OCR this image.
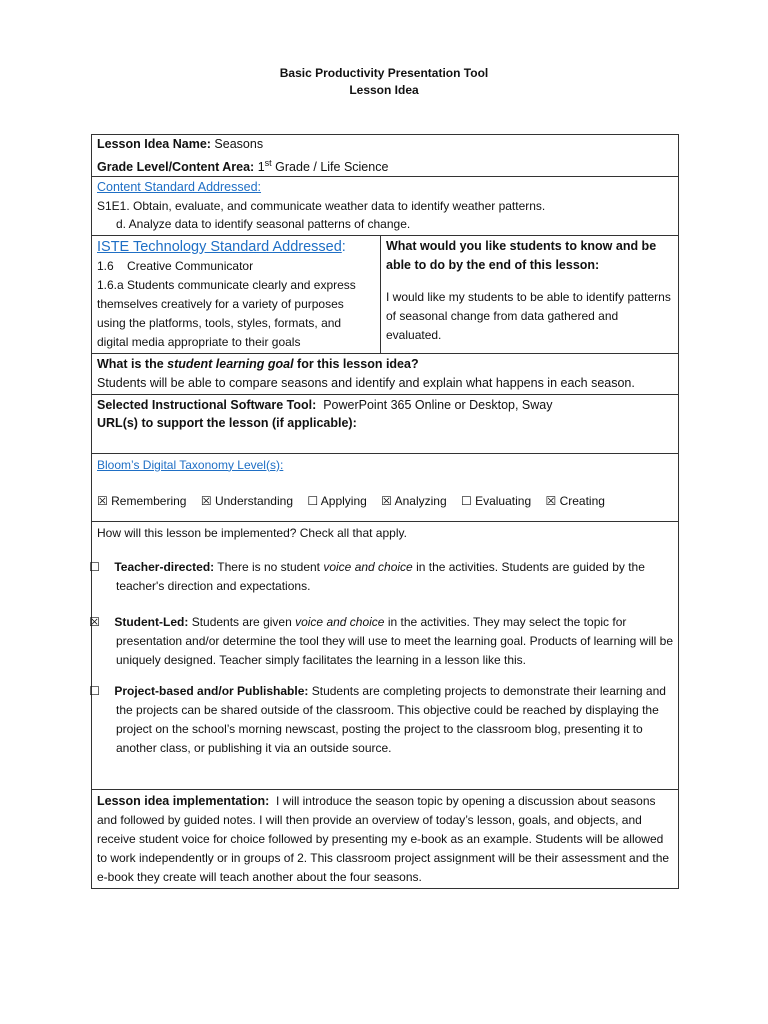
Basic Productivity Presentation Tool
Lesson Idea
Lesson Idea Name: Seasons
Grade Level/Content Area: 1st Grade / Life Science

Content Standard Addressed:
S1E1. Obtain, evaluate, and communicate weather data to identify weather patterns.
d. Analyze data to identify seasonal patterns of change.

ISTE Technology Standard Addressed:
1.6 Creative Communicator
1.6.a Students communicate clearly and express themselves creatively for a variety of purposes using the platforms, tools, styles, formats, and digital media appropriate to their goals

What would you like students to know and be able to do by the end of this lesson:
I would like my students to be able to identify patterns of seasonal change from data gathered and evaluated.

What is the student learning goal for this lesson idea?
Students will be able to compare seasons and identify and explain what happens in each season.

Selected Instructional Software Tool: PowerPoint 365 Online or Desktop, Sway
URL(s) to support the lesson (if applicable):

Bloom’s Digital Taxonomy Level(s):
☒ Remembering ☒ Understanding ☐ Applying ☒ Analyzing ☐ Evaluating ☒ Creating

How will this lesson be implemented? Check all that apply.

☐ Teacher-directed: There is no student voice and choice in the activities. Students are guided by the teacher's direction and expectations.

☒ Student-Led: Students are given voice and choice in the activities. They may select the topic for presentation and/or determine the tool they will use to meet the learning goal. Products of learning will be uniquely designed. Teacher simply facilitates the learning in a lesson like this.

☐ Project-based and/or Publishable: Students are completing projects to demonstrate their learning and the projects can be shared outside of the classroom. This objective could be reached by displaying the project on the school’s morning newscast, posting the project to the classroom blog, presenting it to another class, or publishing it via an outside source.

Lesson idea implementation: I will introduce the season topic by opening a discussion about seasons and followed by guided notes. I will then provide an overview of today’s lesson, goals, and objects, and receive student voice for choice followed by presenting my e-book as an example. Students will be allowed to work independently or in groups of 2. This classroom project assignment will be their assessment and the e-book they create will teach another about the four seasons.
